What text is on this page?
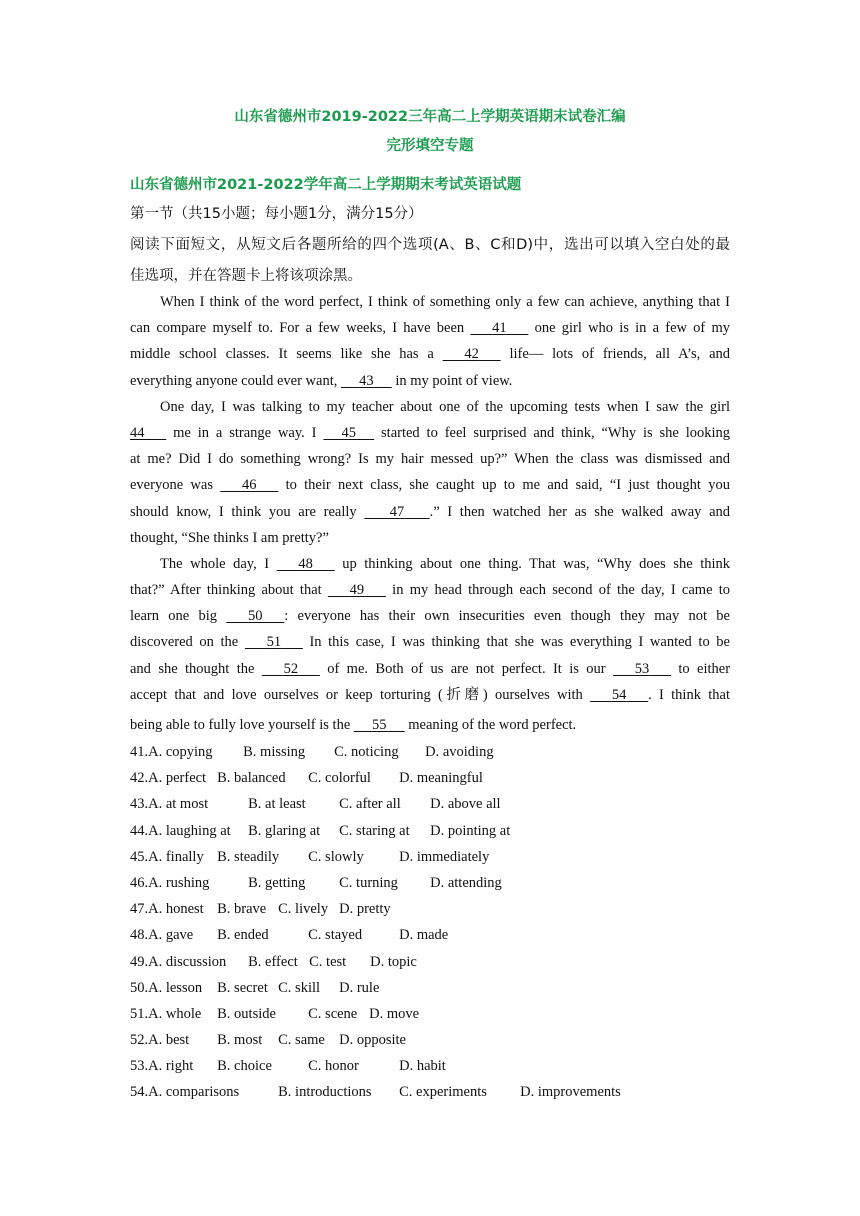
山东省德州市2019-2022三年高二上学期英语期末试卷汇编
完形填空专题
山东省德州市2021-2022学年高二上学期期末考试英语试题
第一节（共15小题；每小题1分，满分15分）
阅读下面短文，从短文后各题所给的四个选项(A、B、C和D)中，选出可以填入空白处的最
佳选项，并在答题卡上将该项涂黑。
When I think of the word perfect, I think of something only a few can achieve, anything that I
can compare myself to. For a few weeks, I have been 41 one girl who is in a few of my
middle school classes. It seems like she has a 42 life— lots of friends, all A’s, and
everything anyone could ever want, 43 in my point of view.
One day, I was talking to my teacher about one of the upcoming tests when I saw the girl
44 me in a strange way. I 45 started to feel surprised and think, “Why is she looking
at me? Did I do something wrong? Is my hair messed up?” When the class was dismissed and
everyone was 46 to their next class, she caught up to me and said, “I just thought you
should know, I think you are really 47 .” I then watched her as she walked away and
thought, “She thinks I am pretty?”
The whole day, I 48 up thinking about one thing. That was, “Why does she think
that?” After thinking about that 49 in my head through each second of the day, I came to
learn one big 50 : everyone has their own insecurities even though they may not be
discovered on the 51 In this case, I was thinking that she was everything I wanted to be
and she thought the 52 of me. Both of us are not perfect. It is our 53 to either
accept that and love ourselves or keep torturing (折磨) ourselves with 54 . I think that
being able to fully love yourself is the 55 meaning of the word perfect.
41.A. copying B. missing C. noticing D. avoiding
42.A. perfect B. balanced C. colorful D. meaningful
43.A. at most	B. at least C. after all D. above all
44.A. laughing at B. glaring at C. staring at D. pointing at
45.A. finally B. steadily C. slowly D. immediately
46.A. rushing	B. getting C. turning D. attending
47.A. honest B. brave C. lively D. pretty
48.A. gave B. ended	C. stayed	D. made
49.A. discussion B. effect C. test D. topic
50.A. lesson B. secret C. skill D. rule
51.A. whole B. outside C. scene D. move
52.A. best B. most C. same D. opposite
53.A. right B. choice C. honor	D. habit
54.A. comparisons	B. introductions C. experiments D. improvements
